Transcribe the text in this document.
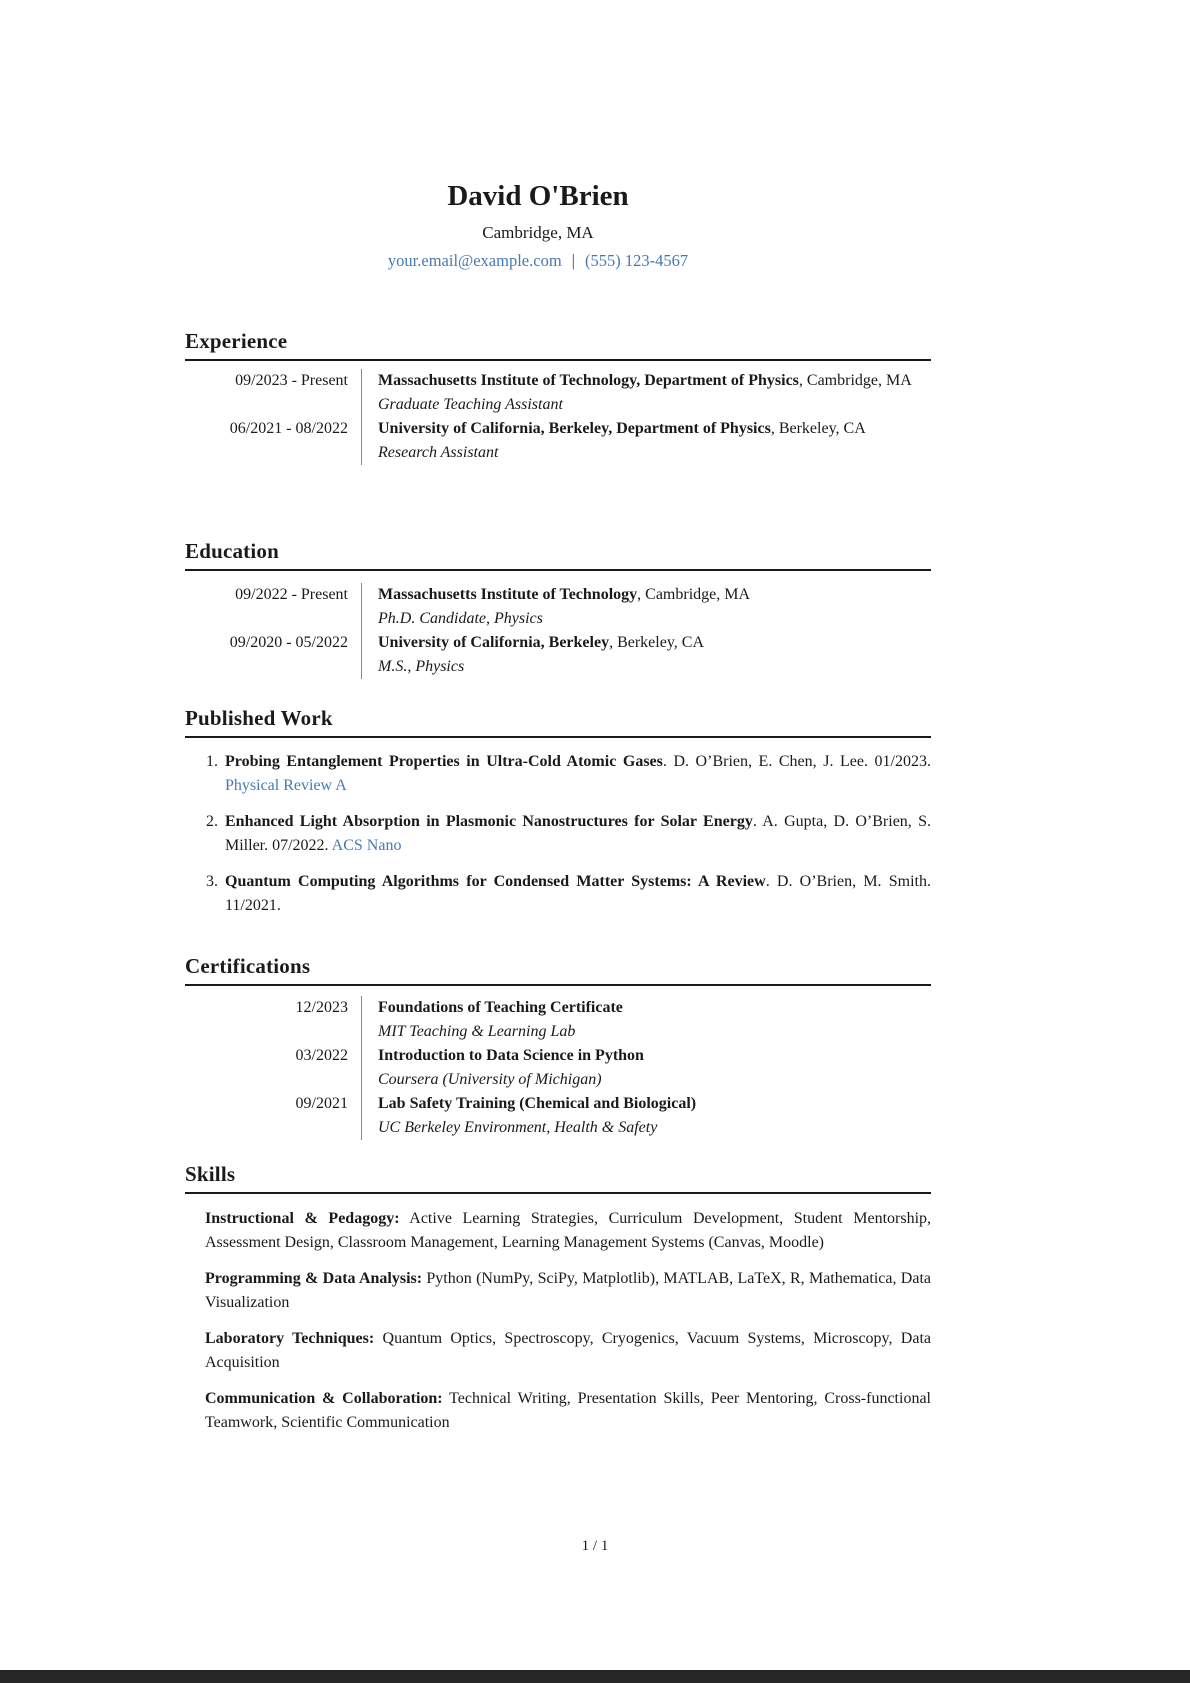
David O'Brien
Cambridge, MA
your.email@example.com | (555) 123-4567
Experience
09/2023 - Present	Massachusetts Institute of Technology, Department of Physics, Cambridge, MA
Graduate Teaching Assistant
06/2021 - 08/2022	University of California, Berkeley, Department of Physics, Berkeley, CA
Research Assistant
Education
09/2022 - Present	Massachusetts Institute of Technology, Cambridge, MA
Ph.D. Candidate, Physics
09/2020 - 05/2022	University of California, Berkeley, Berkeley, CA
M.S., Physics
Published Work
1. Probing Entanglement Properties in Ultra-Cold Atomic Gases. D. O’Brien, E. Chen, J. Lee. 01/2023. Physical Review A
2. Enhanced Light Absorption in Plasmonic Nanostructures for Solar Energy. A. Gupta, D. O’Brien, S. Miller. 07/2022. ACS Nano
3. Quantum Computing Algorithms for Condensed Matter Systems: A Review. D. O’Brien, M. Smith. 11/2021.
Certifications
12/2023	Foundations of Teaching Certificate
MIT Teaching & Learning Lab
03/2022	Introduction to Data Science in Python
Coursera (University of Michigan)
09/2021	Lab Safety Training (Chemical and Biological)
UC Berkeley Environment, Health & Safety
Skills

Instructional & Pedagogy: Active Learning Strategies, Curriculum Development, Student Mentorship, Assessment Design, Classroom Management, Learning Management Systems (Canvas, Moodle)

Programming & Data Analysis: Python (NumPy, SciPy, Matplotlib), MATLAB, LaTeX, R, Mathematica, Data Visualization

Laboratory Techniques: Quantum Optics, Spectroscopy, Cryogenics, Vacuum Systems, Microscopy, Data Acquisition

Communication & Collaboration: Technical Writing, Presentation Skills, Peer Mentoring, Cross-functional Teamwork, Scientific Communication

1 / 1
